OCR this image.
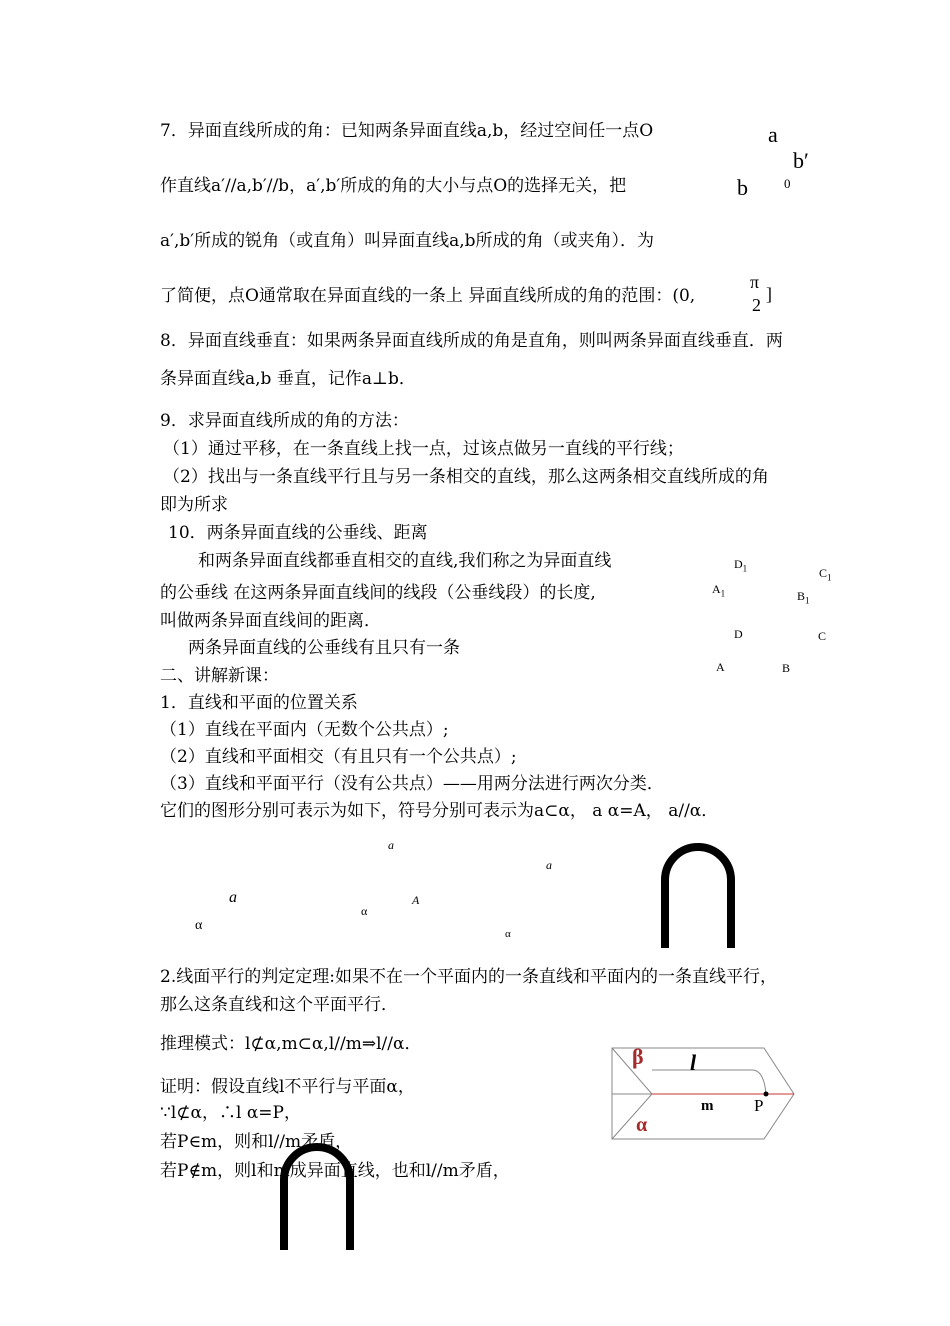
7．异面直线所成的角：已知两条异面直线a,b，经过空间任一点O
作直线a′//a,b′//b，a′,b′所成的角的大小与点O的选择无关，把
a′,b′所成的锐角（或直角）叫异面直线a,b所成的角（或夹角）．为
了简便，点O通常取在异面直线的一条上 异面直线所成的角的范围：(0,
π
2
]
a
b′
b	0
8．异面直线垂直：如果两条异面直线所成的角是直角，则叫两条异面直线垂直．两
条异面直线a,b 垂直，记作a⊥b．
9．求异面直线所成的角的方法：
（1）通过平移，在一条直线上找一点，过该点做另一直线的平行线；
（2）找出与一条直线平行且与另一条相交的直线，那么这两条相交直线所成的角
即为所求
10．两条异面直线的公垂线、距离
和两条异面直线都垂直相交的直线,我们称之为异面直线
的公垂线 在这两条异面直线间的线段（公垂线段）的长度,
叫做两条异面直线间的距离．
两条异面直线的公垂线有且只有一条
$D_1$	$C_1$
$A_1$	$B_1$
D	C
A	B
二、讲解新课：
1．直线和平面的位置关系
（1）直线在平面内（无数个公共点）;
（2）直线和平面相交（有且只有一个公共点）;
（3）直线和平面平行（没有公共点）——用两分法进行两次分类．
它们的图形分别可表示为如下，符号分别可表示为a⊂α， a α=A， a//α．
a
α
a
A
α
a
α
2.线面平行的判定定理:如果不在一个平面内的一条直线和平面内的一条直线平行，
那么这条直线和这个平面平行．
推理模式：l⊄α,m⊂α,l//m⇒l//α．	β l
m P
α
证明：假设直线l不平行与平面α，
∵l⊄α，∴l α=P，
若P∈m，则和l//m矛盾，
若P∉m，则l和m成异面直线，也和l//m矛盾，
